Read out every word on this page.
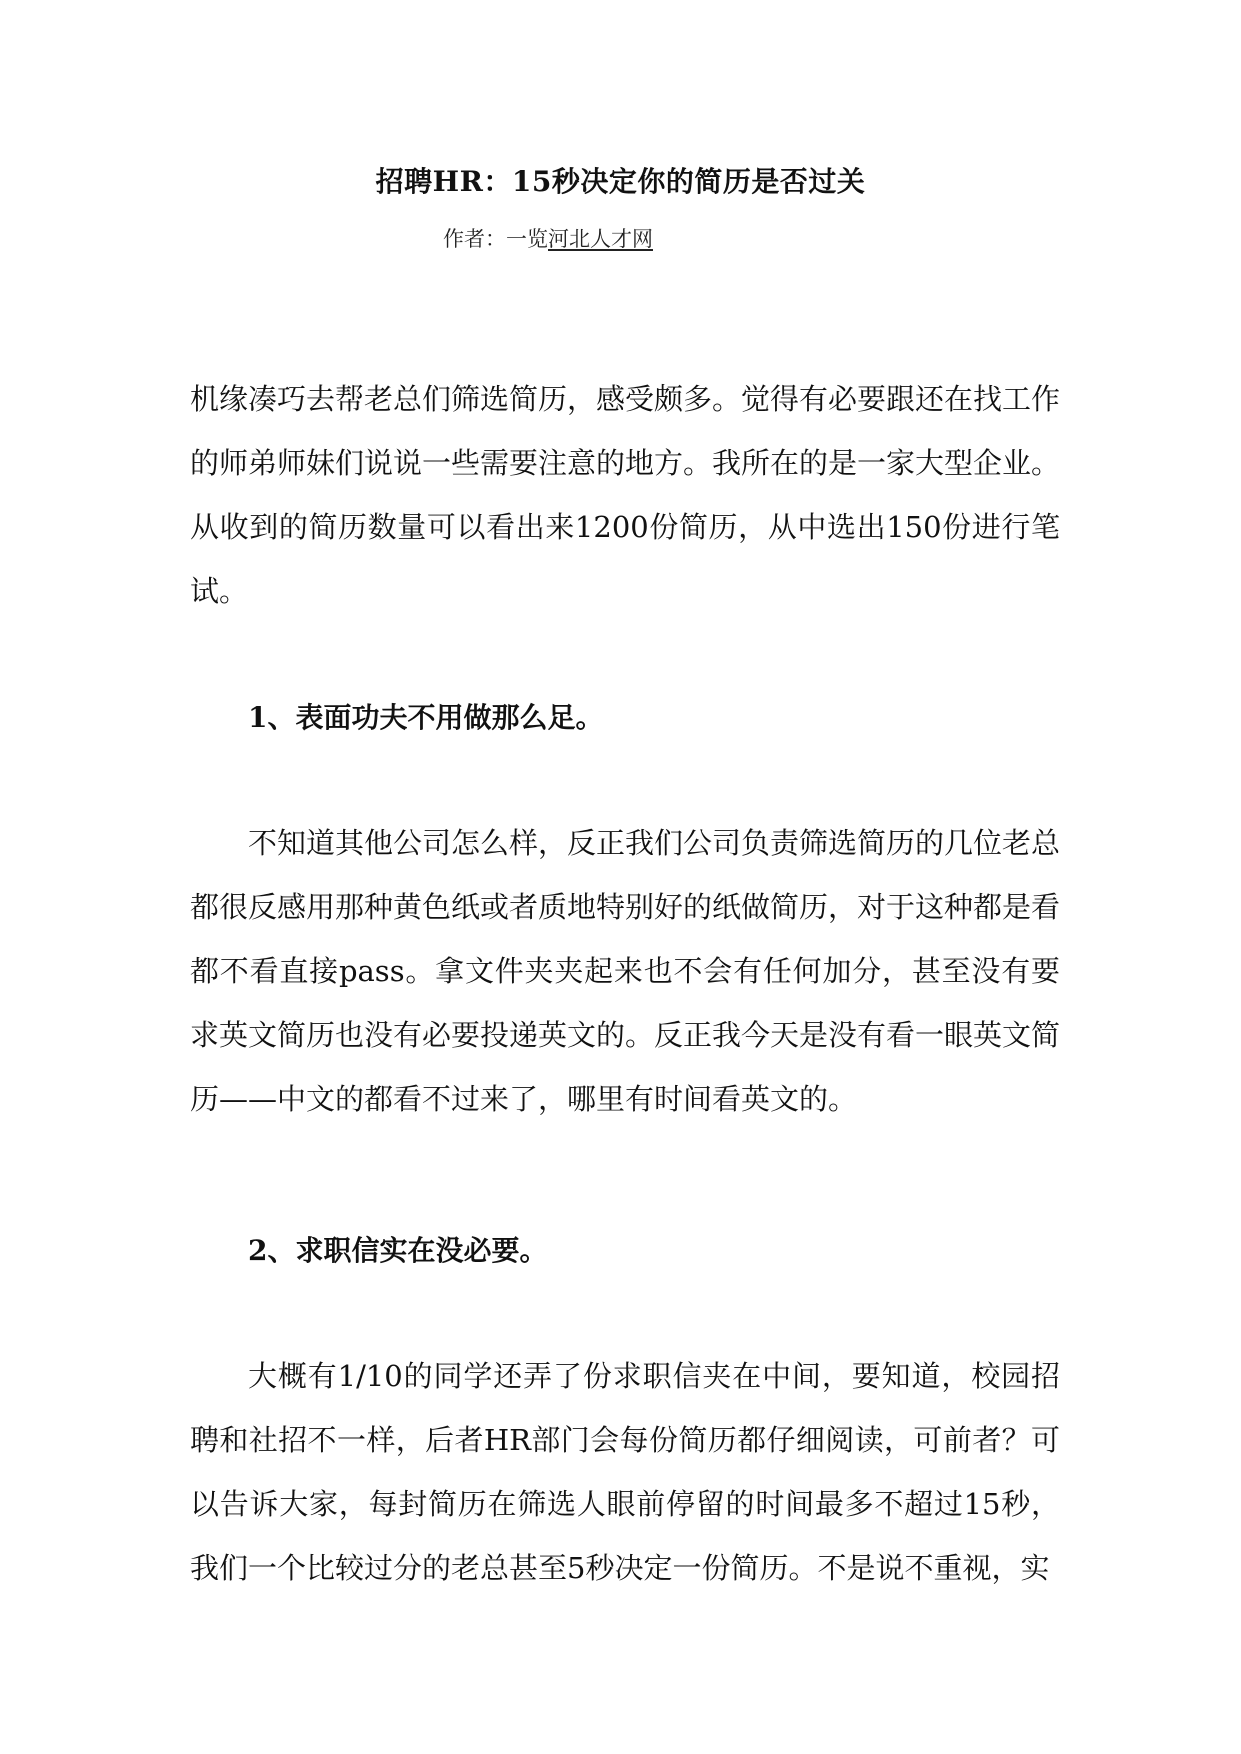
招聘HR：15秒决定你的简历是否过关
作者：一览河北人才网

机缘凑巧去帮老总们筛选简历，感受颇多。觉得有必要跟还在找工作的师弟师妹们说说一些需要注意的地方。我所在的是一家大型企业。从收到的简历数量可以看出来1200份简历，从中选出150份进行笔试。

1、表面功夫不用做那么足。

不知道其他公司怎么样，反正我们公司负责筛选简历的几位老总都很反感用那种黄色纸或者质地特别好的纸做简历，对于这种都是看都不看直接pass。拿文件夹夹起来也不会有任何加分，甚至没有要求英文简历也没有必要投递英文的。反正我今天是没有看一眼英文简历——中文的都看不过来了，哪里有时间看英文的。

2、求职信实在没必要。

大概有1/10的同学还弄了份求职信夹在中间，要知道，校园招聘和社招不一样，后者HR部门会每份简历都仔细阅读，可前者？可以告诉大家，每封简历在筛选人眼前停留的时间最多不超过15秒，我们一个比较过分的老总甚至5秒决定一份简历。不是说不重视，实
